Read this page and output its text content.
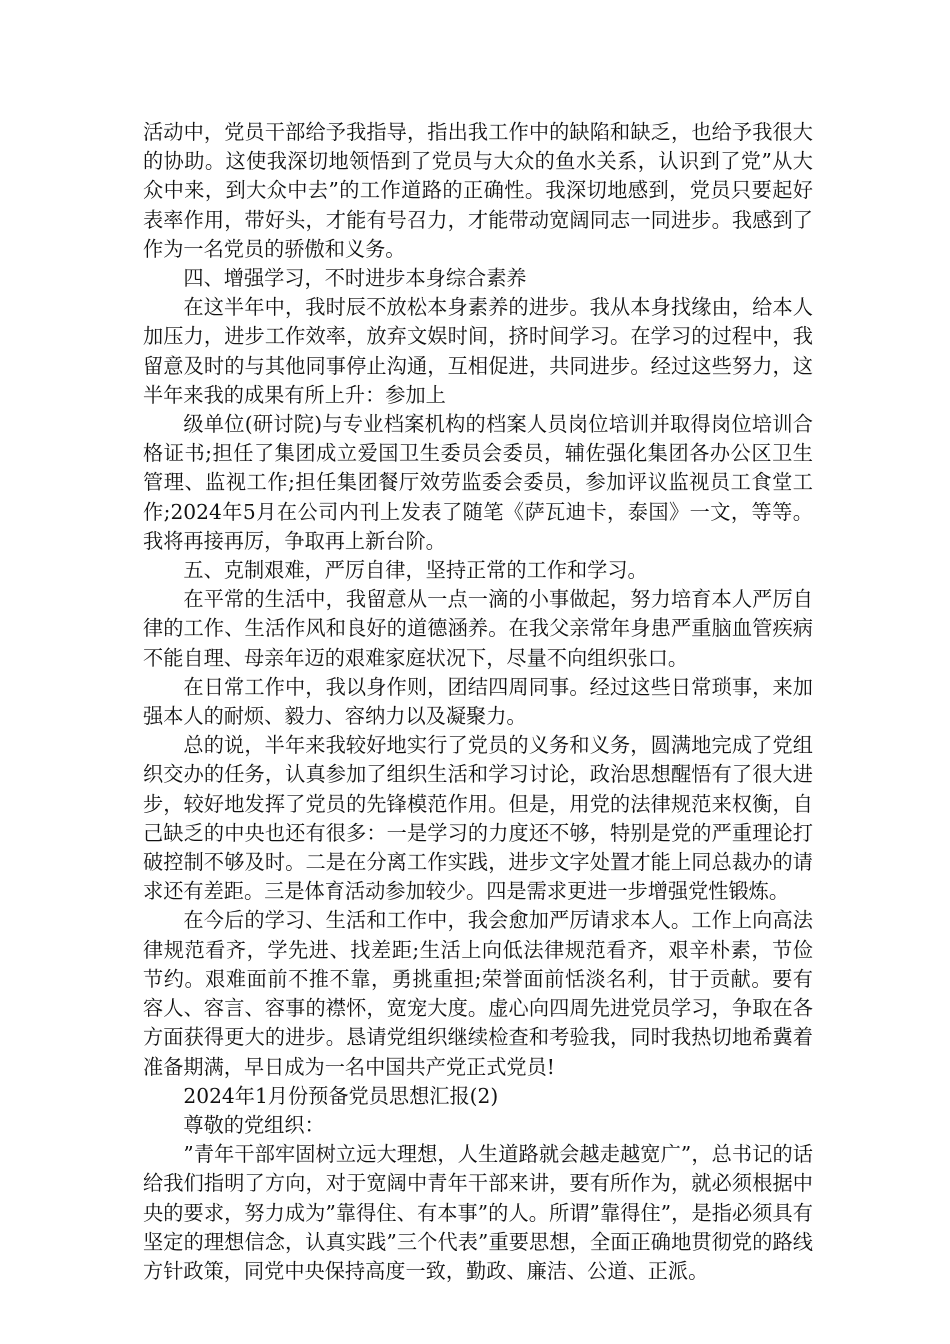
活动中，党员干部给予我指导，指出我工作中的缺陷和缺乏，也给予我很大的协助。这使我深切地领悟到了党员与大众的鱼水关系，认识到了党”从大众中来，到大众中去”的工作道路的正确性。我深切地感到，党员只要起好表率作用，带好头，才能有号召力，才能带动宽阔同志一同进步。我感到了作为一名党员的骄傲和义务。

四、增强学习，不时进步本身综合素养

在这半年中，我时辰不放松本身素养的进步。我从本身找缘由，给本人加压力，进步工作效率，放弃文娱时间，挤时间学习。在学习的过程中，我留意及时的与其他同事停止沟通，互相促进，共同进步。经过这些努力，这半年来我的成果有所上升：参加上

级单位(研讨院)与专业档案机构的档案人员岗位培训并取得岗位培训合格证书;担任了集团成立爱国卫生委员会委员，辅佐强化集团各办公区卫生管理、监视工作;担任集团餐厅效劳监委会委员，参加评议监视员工食堂工作;2024年5月在公司内刊上发表了随笔《萨瓦迪卡，泰国》一文，等等。我将再接再厉，争取再上新台阶。

五、克制艰难，严厉自律，坚持正常的工作和学习。

在平常的生活中，我留意从一点一滴的小事做起，努力培育本人严厉自律的工作、生活作风和良好的道德涵养。在我父亲常年身患严重脑血管疾病不能自理、母亲年迈的艰难家庭状况下，尽量不向组织张口。

在日常工作中，我以身作则，团结四周同事。经过这些日常琐事，来加强本人的耐烦、毅力、容纳力以及凝聚力。

总的说，半年来我较好地实行了党员的义务和义务，圆满地完成了党组织交办的任务，认真参加了组织生活和学习讨论，政治思想醒悟有了很大进步，较好地发挥了党员的先锋模范作用。但是，用党的法律规范来权衡，自己缺乏的中央也还有很多：一是学习的力度还不够，特别是党的严重理论打破控制不够及时。二是在分离工作实践，进步文字处置才能上同总裁办的请求还有差距。三是体育活动参加较少。四是需求更进一步增强党性锻炼。

在今后的学习、生活和工作中，我会愈加严厉请求本人。工作上向高法律规范看齐，学先进、找差距;生活上向低法律规范看齐，艰辛朴素，节俭节约。艰难面前不推不靠，勇挑重担;荣誉面前恬淡名利，甘于贡献。要有容人、容言、容事的襟怀，宽宠大度。虚心向四周先进党员学习，争取在各方面获得更大的进步。恳请党组织继续检查和考验我，同时我热切地希冀着准备期满，早日成为一名中国共产党正式党员!

2024年1月份预备党员思想汇报(2)

尊敬的党组织：

”青年干部牢固树立远大理想，人生道路就会越走越宽广”，总书记的话给我们指明了方向，对于宽阔中青年干部来讲，要有所作为，就必须根据中央的要求，努力成为”靠得住、有本事”的人。所谓”靠得住”，是指必须具有坚定的理想信念，认真实践”三个代表”重要思想，全面正确地贯彻党的路线方针政策，同党中央保持高度一致，勤政、廉洁、公道、正派。
